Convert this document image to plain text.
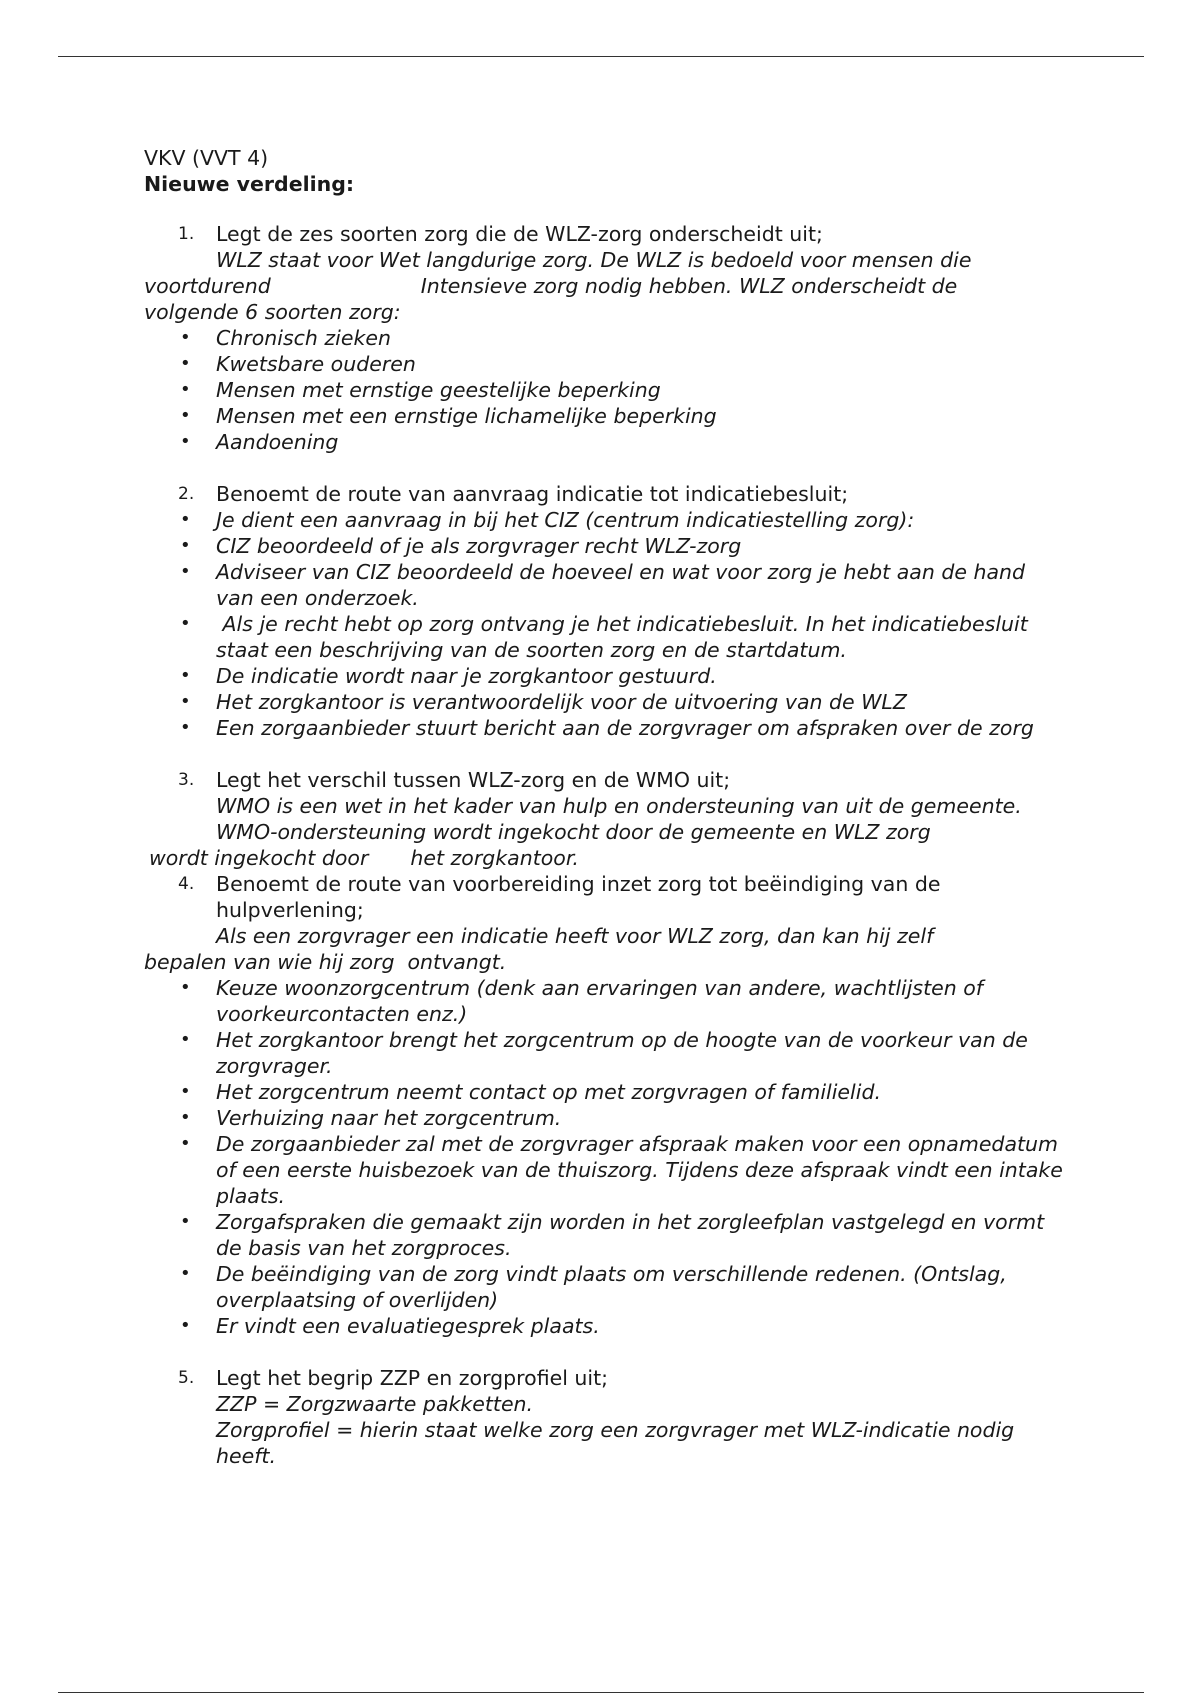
VKV (VVT 4)

Nieuwe verdeling:

1. Legt de zes soorten zorg die de WLZ-zorg onderscheidt uit;

WLZ staat voor Wet langdurige zorg. De WLZ is bedoeld voor mensen die

voortdurend	Intensieve zorg nodig hebben. WLZ onderscheidt de

volgende 6 soorten zorg:

• Chronisch zieken
• Kwetsbare ouderen
• Mensen met ernstige geestelijke beperking
• Mensen met een ernstige lichamelijke beperking
• Aandoening

2. Benoemt de route van aanvraag indicatie tot indicatiebesluit;

• Je dient een aanvraag in bij het CIZ (centrum indicatiestelling zorg):
• CIZ beoordeeld of je als zorgvrager recht WLZ-zorg
• Adviseer van CIZ beoordeeld de hoeveel en wat voor zorg je hebt aan de hand van een onderzoek.
• Als je recht hebt op zorg ontvang je het indicatiebesluit. In het indicatiebesluit staat een beschrijving van de soorten zorg en de startdatum.
• De indicatie wordt naar je zorgkantoor gestuurd.
• Het zorgkantoor is verantwoordelijk voor de uitvoering van de WLZ
• Een zorgaanbieder stuurt bericht aan de zorgvrager om afspraken over de zorg

3. Legt het verschil tussen WLZ-zorg en de WMO uit;

WMO is een wet in het kader van hulp en ondersteuning van uit de gemeente.

WMO-ondersteuning wordt ingekocht door de gemeente en WLZ zorg

wordt ingekocht door het zorgkantoor.

4. Benoemt de route van voorbereiding inzet zorg tot beëindiging van de hulpverlening;

Als een zorgvrager een indicatie heeft voor WLZ zorg, dan kan hij zelf

bepalen van wie hij zorg  ontvangt.

• Keuze woonzorgcentrum (denk aan ervaringen van andere, wachtlijsten of voorkeurcontacten enz.)
• Het zorgkantoor brengt het zorgcentrum op de hoogte van de voorkeur van de zorgvrager.
• Het zorgcentrum neemt contact op met zorgvragen of familielid.
• Verhuizing naar het zorgcentrum.
• De zorgaanbieder zal met de zorgvrager afspraak maken voor een opnamedatum of een eerste huisbezoek van de thuiszorg. Tijdens deze afspraak vindt een intake plaats.
• Zorgafspraken die gemaakt zijn worden in het zorgleefplan vastgelegd en vormt de basis van het zorgproces.
• De beëindiging van de zorg vindt plaats om verschillende redenen. (Ontslag, overplaatsing of overlijden)
• Er vindt een evaluatiegesprek plaats.

5. Legt het begrip ZZP en zorgprofiel uit;

ZZP = Zorgzwaarte pakketten.

Zorgprofiel = hierin staat welke zorg een zorgvrager met WLZ-indicatie nodig heeft.
